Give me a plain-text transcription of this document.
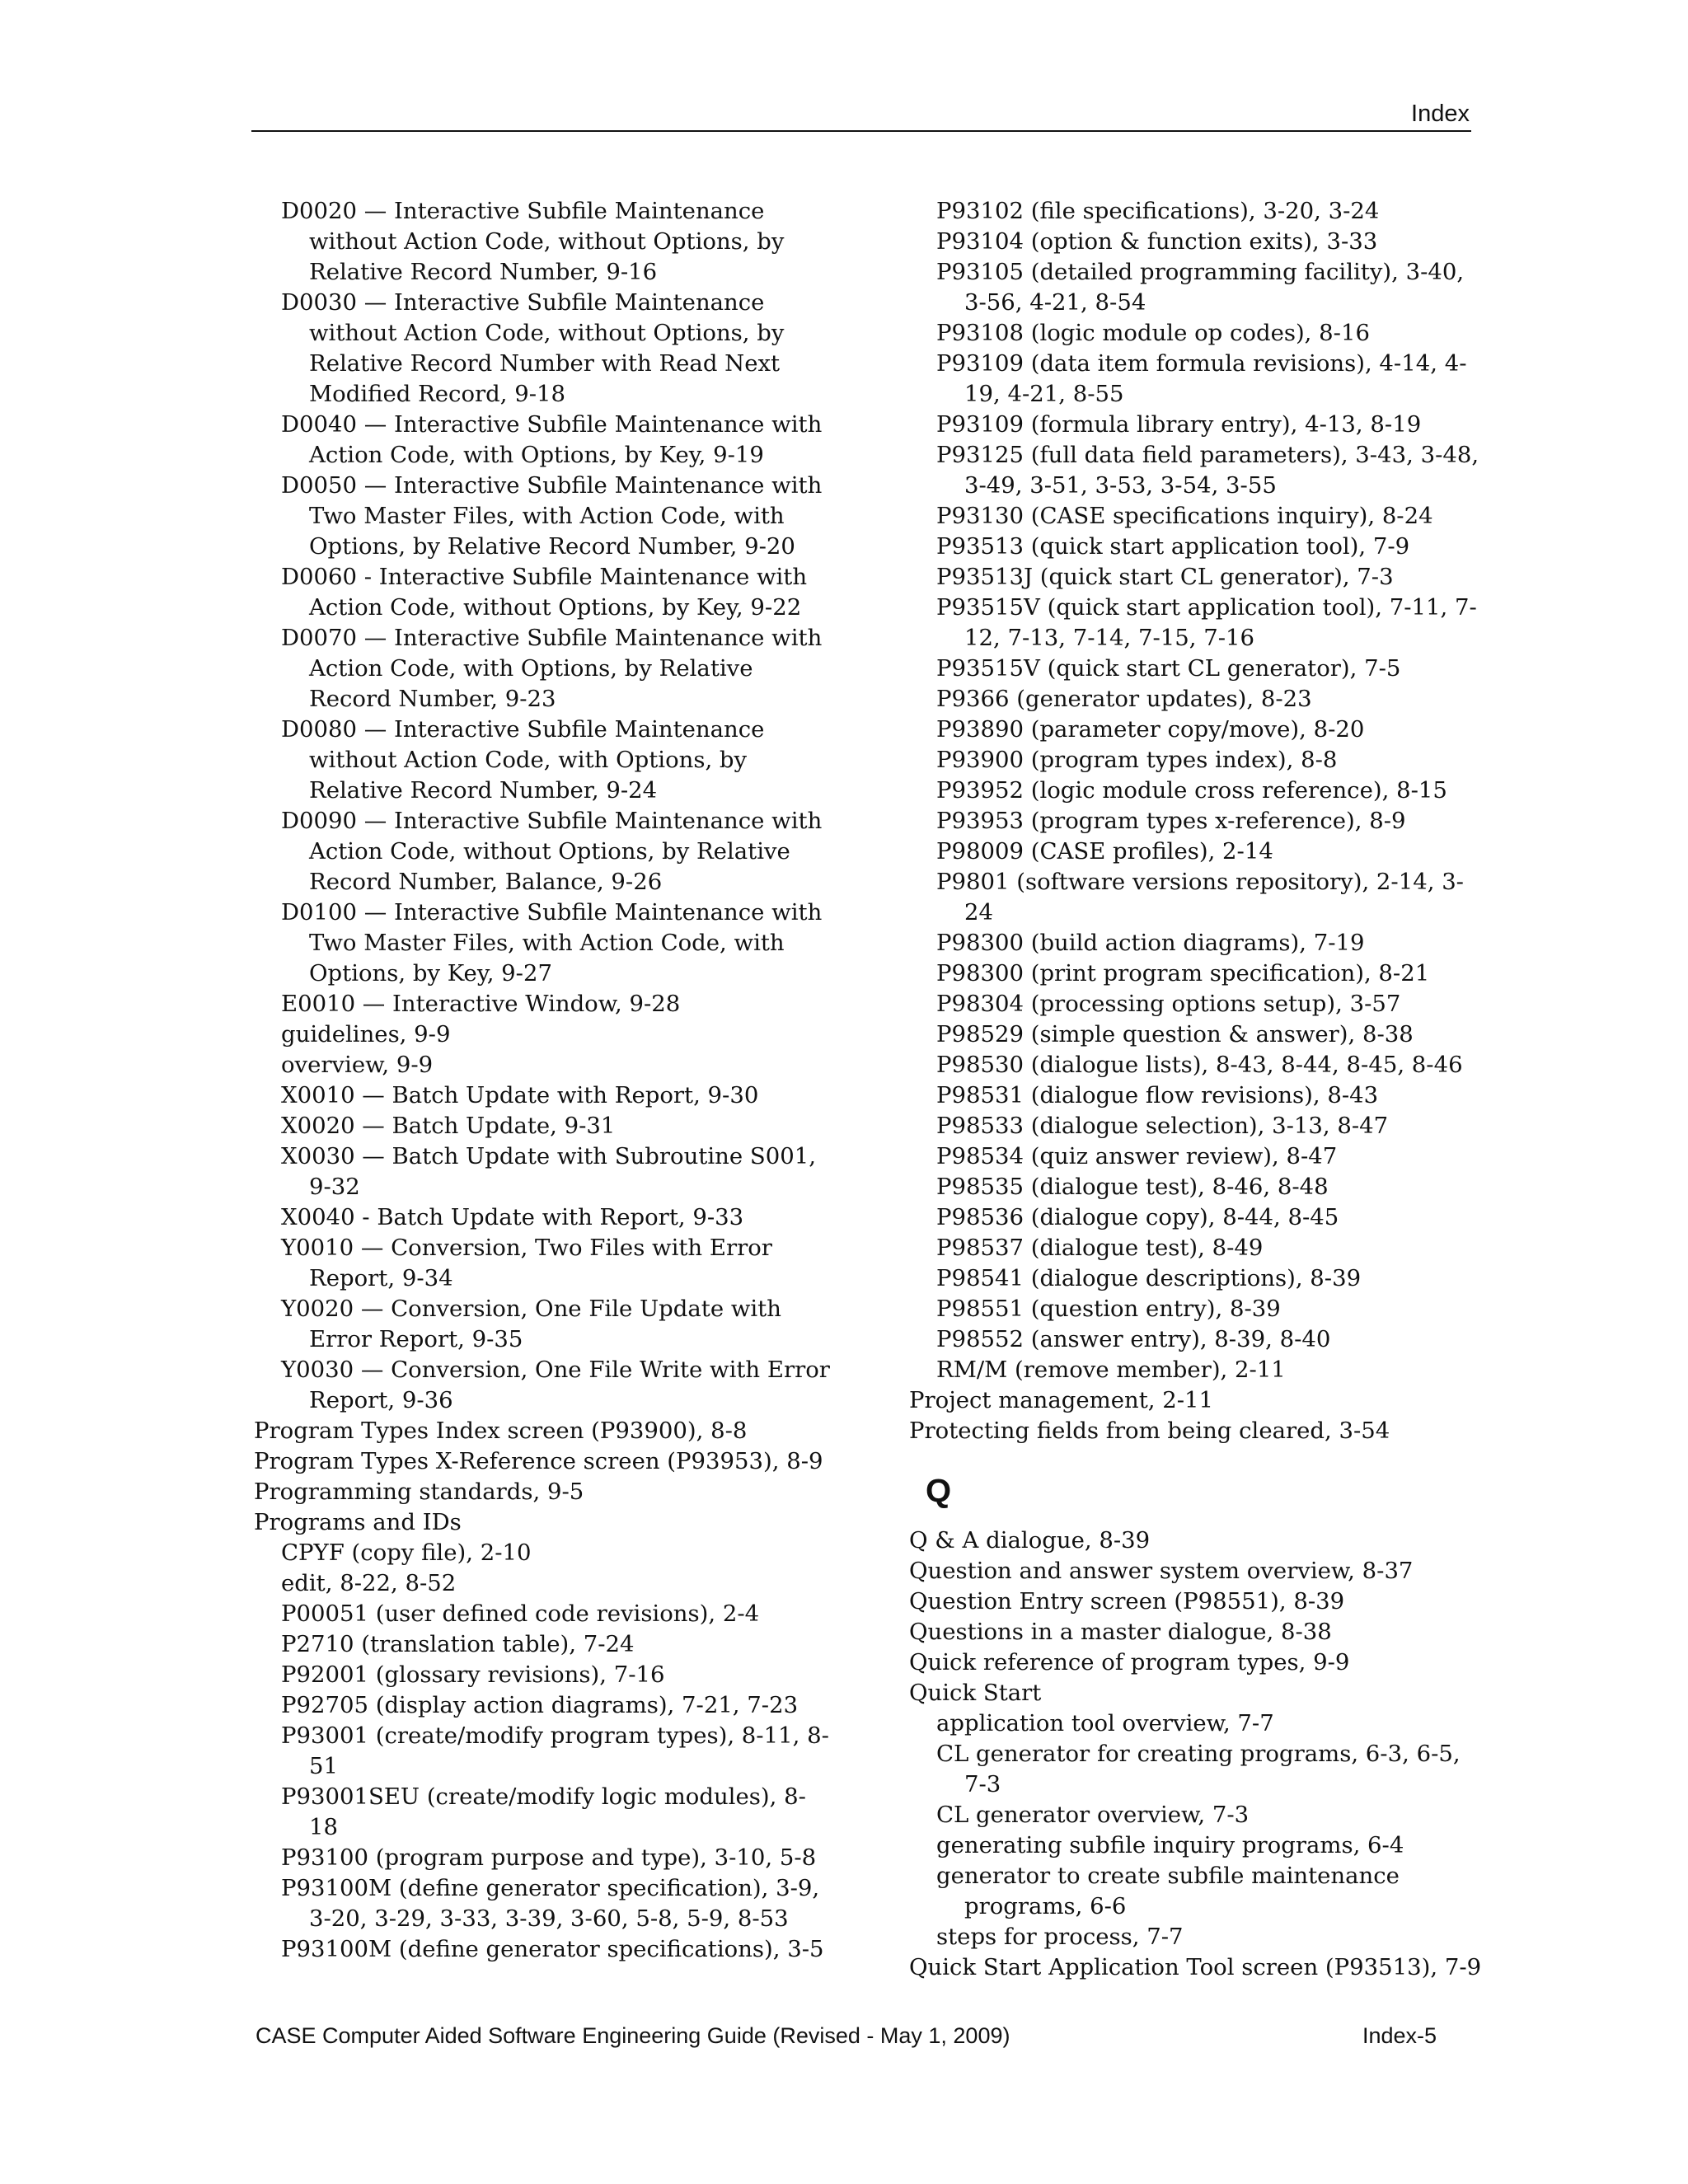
Index
D0020 — Interactive Subfile Maintenance without Action Code, without Options, by Relative Record Number, 9-16
D0030 — Interactive Subfile Maintenance without Action Code, without Options, by Relative Record Number with Read Next Modified Record, 9-18
D0040 — Interactive Subfile Maintenance with Action Code, with Options, by Key, 9-19
D0050 — Interactive Subfile Maintenance with Two Master Files, with Action Code, with Options, by Relative Record Number, 9-20
D0060 - Interactive Subfile Maintenance with Action Code, without Options, by Key, 9-22
D0070 — Interactive Subfile Maintenance with Action Code, with Options, by Relative Record Number, 9-23
D0080 — Interactive Subfile Maintenance without Action Code, with Options, by Relative Record Number, 9-24
D0090 — Interactive Subfile Maintenance with Action Code, without Options, by Relative Record Number, Balance, 9-26
D0100 — Interactive Subfile Maintenance with Two Master Files, with Action Code, with Options, by Key, 9-27
E0010 — Interactive Window, 9-28
guidelines, 9-9
overview, 9-9
X0010 — Batch Update with Report, 9-30
X0020 — Batch Update, 9-31
X0030 — Batch Update with Subroutine S001, 9-32
X0040 - Batch Update with Report, 9-33
Y0010 — Conversion, Two Files with Error Report, 9-34
Y0020 — Conversion, One File Update with Error Report, 9-35
Y0030 — Conversion, One File Write with Error Report, 9-36
Program Types Index screen (P93900), 8-8
Program Types X-Reference screen (P93953), 8-9
Programming standards, 9-5
Programs and IDs
CPYF (copy file), 2-10
edit, 8-22, 8-52
P00051 (user defined code revisions), 2-4
P2710 (translation table), 7-24
P92001 (glossary revisions), 7-16
P92705 (display action diagrams), 7-21, 7-23
P93001 (create/modify program types), 8-11, 8-51
P93001SEU (create/modify logic modules), 8-18
P93100 (program purpose and type), 3-10, 5-8
P93100M (define generator specification), 3-9, 3-20, 3-29, 3-33, 3-39, 3-60, 5-8, 5-9, 8-53
P93100M (define generator specifications), 3-5
P93102 (file specifications), 3-20, 3-24
P93104 (option & function exits), 3-33
P93105 (detailed programming facility), 3-40, 3-56, 4-21, 8-54
P93108 (logic module op codes), 8-16
P93109 (data item formula revisions), 4-14, 4-19, 4-21, 8-55
P93109 (formula library entry), 4-13, 8-19
P93125 (full data field parameters), 3-43, 3-48, 3-49, 3-51, 3-53, 3-54, 3-55
P93130 (CASE specifications inquiry), 8-24
P93513 (quick start application tool), 7-9
P93513J (quick start CL generator), 7-3
P93515V (quick start application tool), 7-11, 7-12, 7-13, 7-14, 7-15, 7-16
P93515V (quick start CL generator), 7-5
P9366 (generator updates), 8-23
P93890 (parameter copy/move), 8-20
P93900 (program types index), 8-8
P93952 (logic module cross reference), 8-15
P93953 (program types x-reference), 8-9
P98009 (CASE profiles), 2-14
P9801 (software versions repository), 2-14, 3-24
P98300 (build action diagrams), 7-19
P98300 (print program specification), 8-21
P98304 (processing options setup), 3-57
P98529 (simple question & answer), 8-38
P98530 (dialogue lists), 8-43, 8-44, 8-45, 8-46
P98531 (dialogue flow revisions), 8-43
P98533 (dialogue selection), 3-13, 8-47
P98534 (quiz answer review), 8-47
P98535 (dialogue test), 8-46, 8-48
P98536 (dialogue copy), 8-44, 8-45
P98537 (dialogue test), 8-49
P98541 (dialogue descriptions), 8-39
P98551 (question entry), 8-39
P98552 (answer entry), 8-39, 8-40
RM/M (remove member), 2-11
Project management, 2-11
Protecting fields from being cleared, 3-54
Q
Q & A dialogue, 8-39
Question and answer system overview, 8-37
Question Entry screen (P98551), 8-39
Questions in a master dialogue, 8-38
Quick reference of program types, 9-9
Quick Start
application tool overview, 7-7
CL generator for creating programs, 6-3, 6-5, 7-3
CL generator overview, 7-3
generating subfile inquiry programs, 6-4
generator to create subfile maintenance programs, 6-6
steps for process, 7-7
Quick Start Application Tool screen (P93513), 7-9
CASE Computer Aided Software Engineering Guide (Revised - May 1, 2009)	Index-5
